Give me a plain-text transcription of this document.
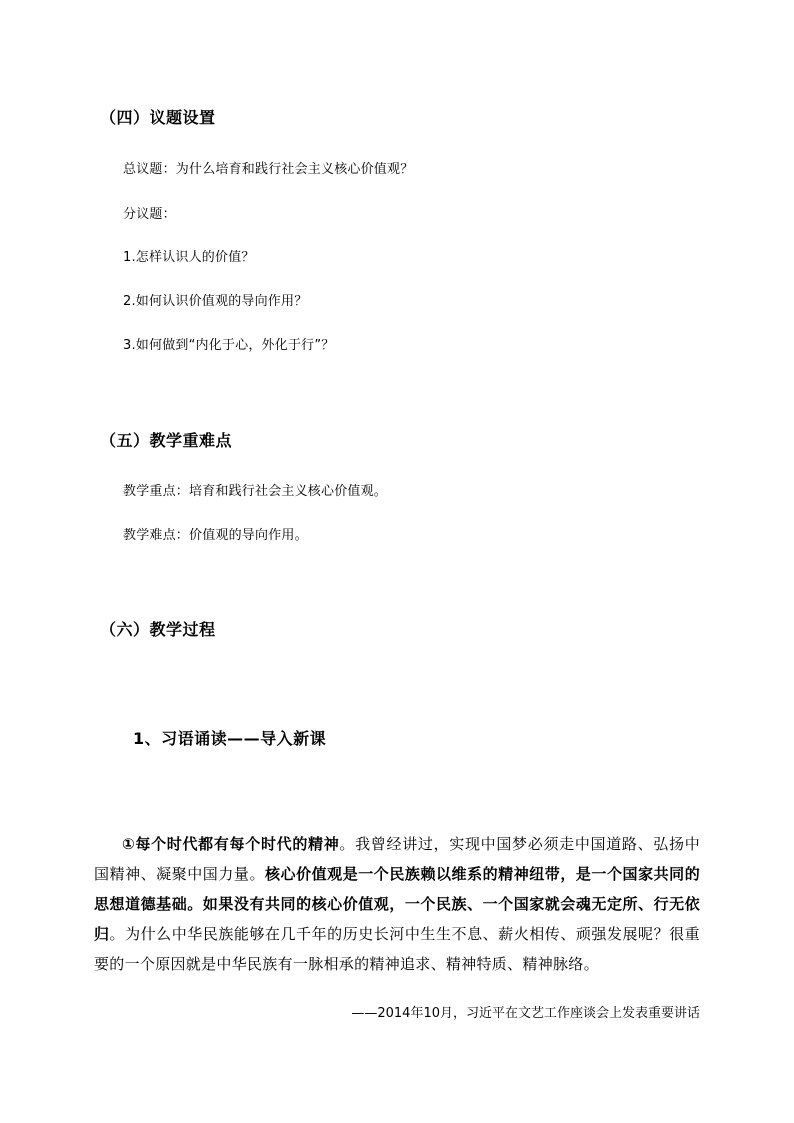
（四）议题设置
总议题：为什么培育和践行社会主义核心价值观？
分议题：
1.怎样认识人的价值？
2.如何认识价值观的导向作用？
3.如何做到“内化于心，外化于行”？
（五）教学重难点
教学重点：培育和践行社会主义核心价值观。
教学难点：价值观的导向作用。
（六）教学过程
1、习语诵读——导入新课
①每个时代都有每个时代的精神。我曾经讲过，实现中国梦必须走中国道路、弘扬中国精神、凝聚中国力量。核心价值观是一个民族赖以维系的精神纽带，是一个国家共同的思想道德基础。如果没有共同的核心价值观，一个民族、一个国家就会魂无定所、行无依归。为什么中华民族能够在几千年的历史长河中生生不息、薪火相传、顽强发展呢？很重要的一个原因就是中华民族有一脉相承的精神追求、精神特质、精神脉络。
——2014年10月，习近平在文艺工作座谈会上发表重要讲话
